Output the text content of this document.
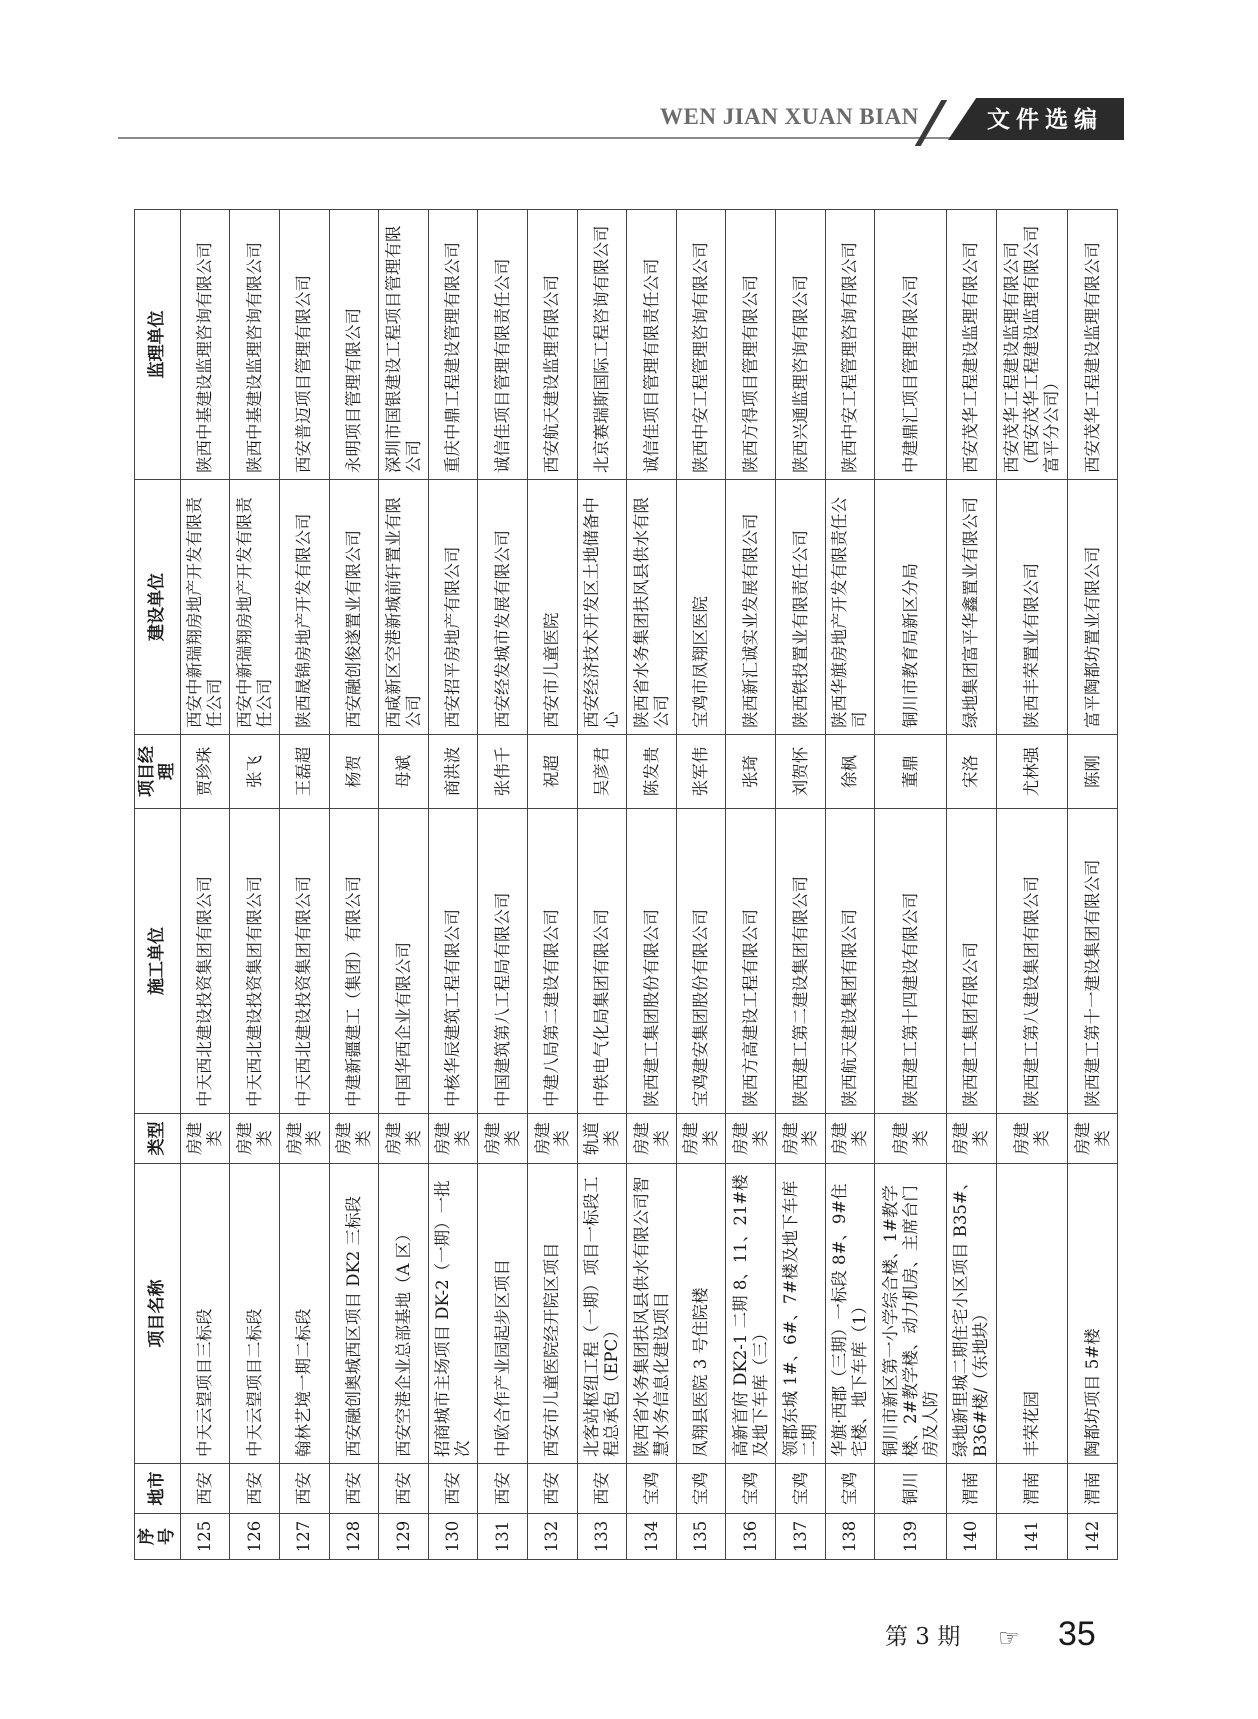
WEN JIAN XUAN BIAN	文件选编
序号	地市	项目名称	类型	施工单位	项目经理	建设单位	监理单位
125	西安	中天云望项目三标段	房建类	中天西北建设投资集团有限公司	贾珍珠	西安中新瑞翔房地产开发有限责任公司	陕西中基建设监理咨询有限公司
126	西安	中天云望项目二标段	房建类	中天西北建设投资集团有限公司	张飞	西安中新瑞翔房地产开发有限责任公司	陕西中基建设监理咨询有限公司
127	西安	翰林艺境一期二标段	房建类	中天西北建设投资集团有限公司	王磊超	陕西晟锦房地产开发有限公司	西安普迈项目管理有限公司
128	西安	西安融创奥城西区项目 DK2 三标段	房建类	中建新疆建工（集团）有限公司	杨贺	西安融创俊遂置业有限公司	永明项目管理有限公司
129	西安	西安空港企业总部基地（A 区）	房建类	中国华西企业有限公司	母斌	西咸新区空港新城前轩置业有限公司	深圳市国银建设工程项目管理有限公司
130	西安	招商城市主场项目 DK-2（一期）一批次	房建类	中核华辰建筑工程有限公司	商洪波	西安招平房地产有限公司	重庆中鼎工程建设管理有限公司
131	西安	中欧合作产业园起步区项目	房建类	中国建筑第八工程局有限公司	张伟千	西安经发城市发展有限公司	诚信佳项目管理有限责任公司
132	西安	西安市儿童医院经开院区项目	房建类	中建八局第二建设有限公司	祝超	西安市儿童医院	西安航天建设监理有限公司
133	西安	北客站枢纽工程（一期）项目一标段工程总承包（EPC）	轨道类	中铁电气化局集团有限公司	吴彦君	西安经济技术开发区土地储备中心	北京赛瑞斯国际工程咨询有限公司
134	宝鸡	陕西省水务集团扶风县供水有限公司智慧水务信息化建设项目	房建类	陕西建工集团股份有限公司	陈发贵	陕西省水务集团扶风县供水有限公司	诚信佳项目管理有限责任公司
135	宝鸡	凤翔县医院 3 号住院楼	房建类	宝鸡建安集团股份有限公司	张军伟	宝鸡市凤翔区医院	陕西中安工程管理咨询有限公司
136	宝鸡	高新首府 DK2-1 二期 8、11、21#楼及地下车库（三）	房建类	陕西方高建设工程有限公司	张琦	陕西新汇诚实业发展有限公司	陕西方得项目管理有限公司
137	宝鸡	领郡东城 1#、6#、7#楼及地下车库二期	房建类	陕西建工第二建设集团有限公司	刘贺怀	陕西铁投置业有限责任公司	陕西兴通监理咨询有限公司
138	宝鸡	华旗·西郡（三期）一标段 8#、9#住宅楼、地下车库（1）	房建类	陕西航天建设集团有限公司	徐枫	陕西华旗房地产开发有限责任公司	陕西中安工程管理咨询有限公司
139	铜川	铜川市新区第一小学综合楼、1#教学楼、2#教学楼、动力机房、主席台门房及人防	房建类	陕西建工第十四建设有限公司	董鼎	铜川市教育局新区分局	中建鼎汇项目管理有限公司
140	渭南	绿地新里城二期住宅小区项目 B35#、B36#楼/（东地块）	房建类	陕西建工集团有限公司	宋洛	绿地集团富平华鑫置业有限公司	西安茂华工程建设监理有限公司
141	渭南	丰荣花园	房建类	陕西建工第八建设集团有限公司	尤林强	陕西丰荣置业有限公司	西安茂华工程建设监理有限公司（西安茂华工程建设监理有限公司富平分公司）
142	渭南	陶都坊项目 5#楼	房建类	陕西建工第十一建设集团有限公司	陈刚	富平陶都坊置业有限公司	西安茂华工程建设监理有限公司
第 3 期	☞	35
